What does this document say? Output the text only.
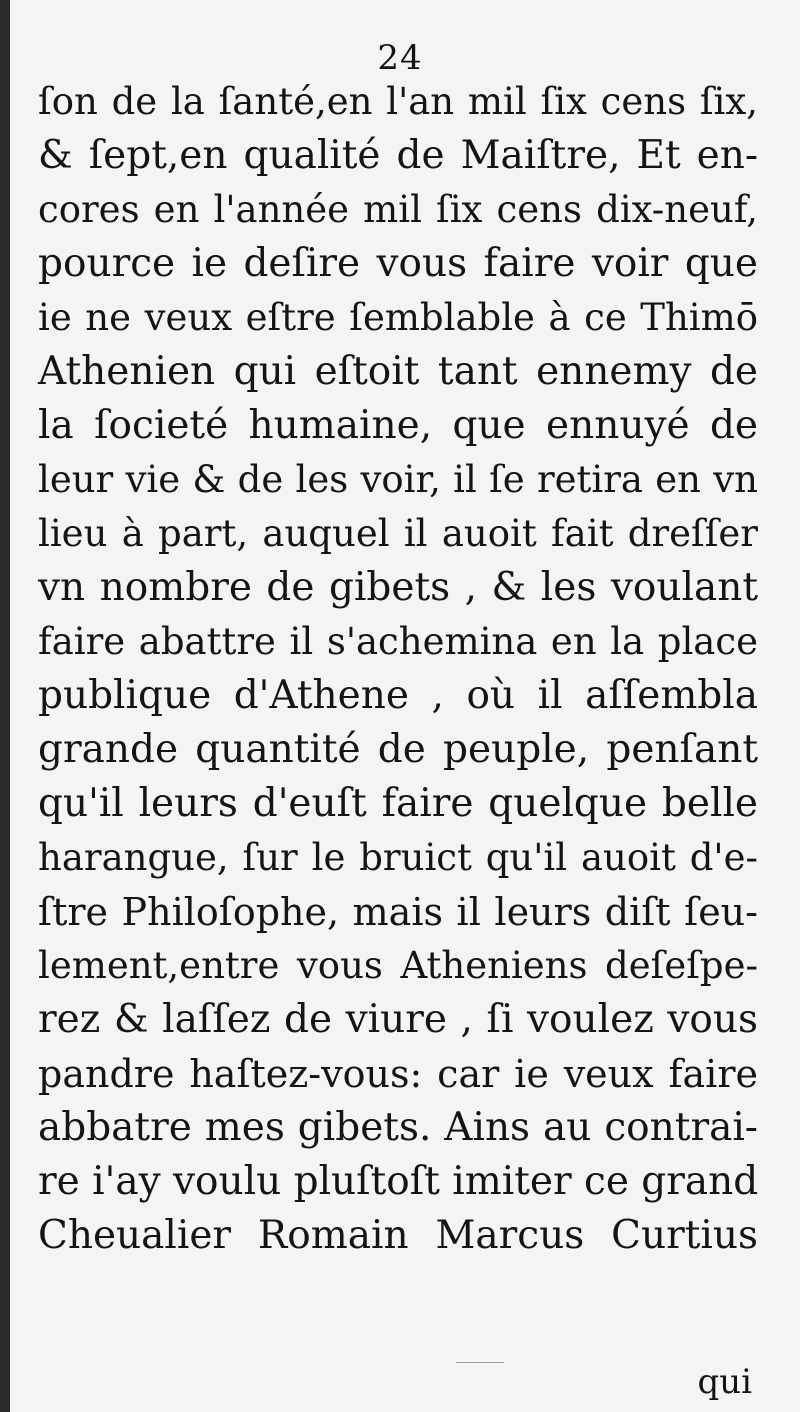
24
ſon de la ſanté,en l'an mil ſix cens ſix,
& ſept,en qualité de Maiſtre, Et en-
cores en l'année mil ſix cens dix-neuf,
pource ie deſire vous faire voir que
ie ne veux eſtre ſemblable à ce Thimō
Athenien qui eſtoit tant ennemy de
la ſocieté humaine, que ennuyé de
leur vie & de les voir, il ſe retira en vn
lieu à part, auquel il auoit fait dreſſer
vn nombre de gibets , & les voulant
faire abattre il s'achemina en la place
publique d'Athene , où il aſſembla
grande quantité de peuple, penſant
qu'il leurs d'euſt faire quelque belle
harangue, ſur le bruict qu'il auoit d'e-
ſtre Philoſophe, mais il leurs diſt ſeu-
lement,entre vous Atheniens deſeſpe-
rez & laſſez de viure , ſi voulez vous
pandre haſtez-vous: car ie veux faire
abbatre mes gibets. Ains au contrai-
re i'ay voulu pluſtoſt imiter ce grand
Cheualier Romain Marcus Curtius
qui
